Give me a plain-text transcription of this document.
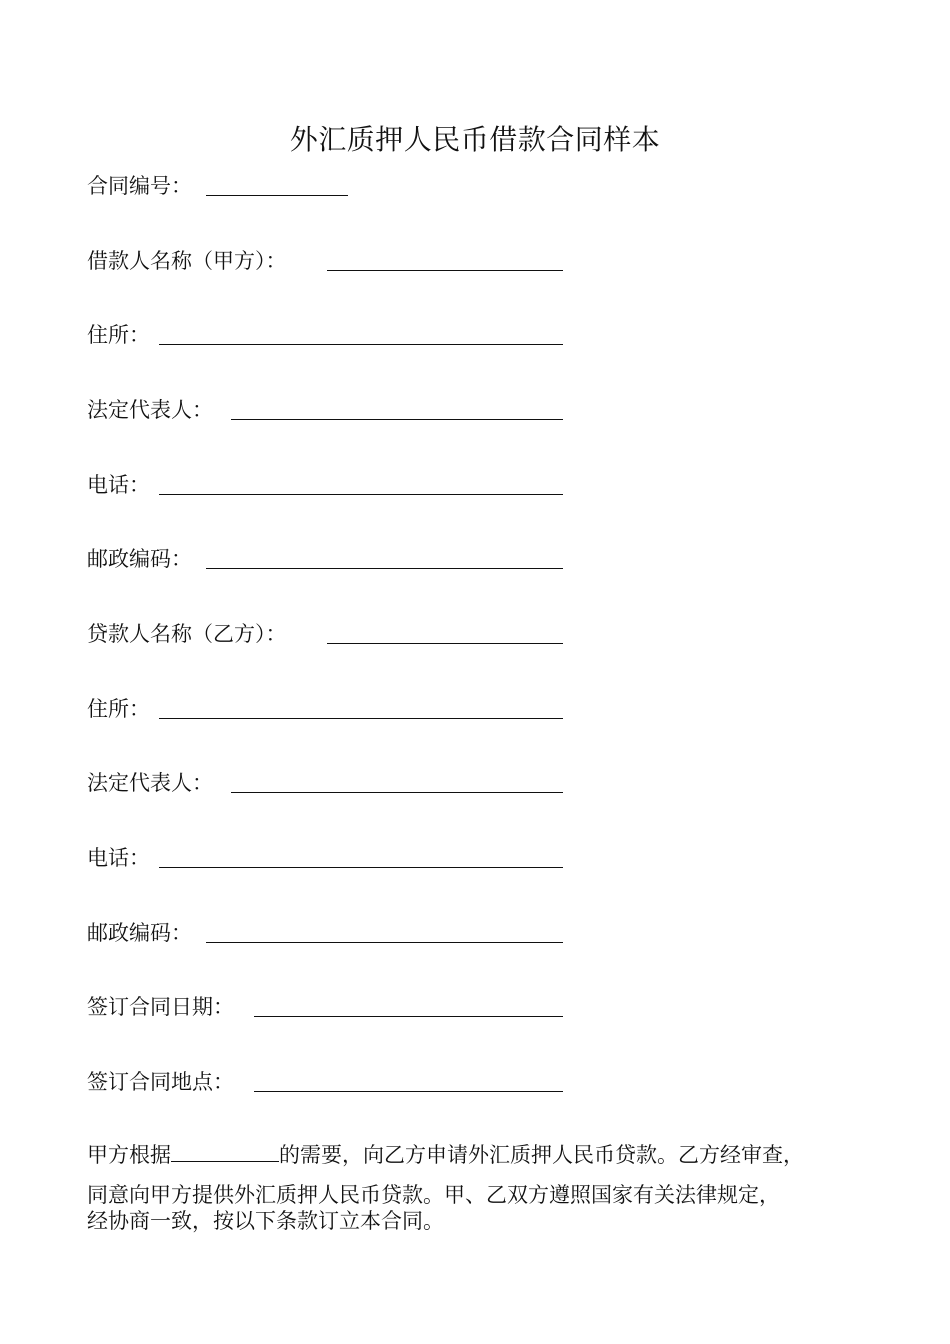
外汇质押人民币借款合同样本
合同编号：
借款人名称（甲方）：
住所：
法定代表人：
电话：
邮政编码：
贷款人名称（乙方）：
住所：
法定代表人：
电话：
邮政编码：
签订合同日期：
签订合同地点：
甲方根据	的需要，向乙方申请外汇质押人民币贷款。乙方经审查，
同意向甲方提供外汇质押人民币贷款。甲、乙双方遵照国家有关法律规定，
经协商一致，按以下条款订立本合同。
